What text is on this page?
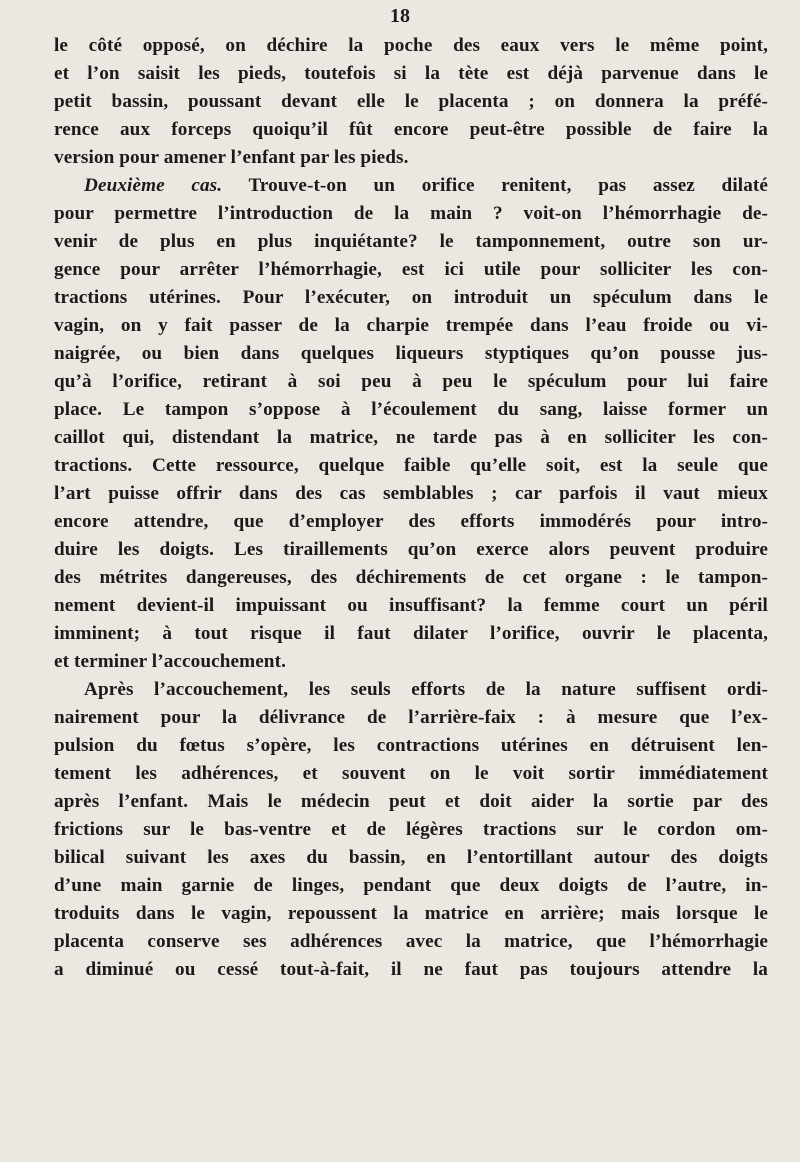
18
le côté opposé, on déchire la poche des eaux vers le même point,
et l’on saisit les pieds, toutefois si la tète est déjà parvenue dans le
petit bassin, poussant devant elle le placenta ; on donnera la préfé-
rence aux forceps quoiqu’il fût encore peut-être possible de faire la
version pour amener l’enfant par les pieds.
Deuxième cas. Trouve-t-on un orifice renitent, pas assez dilaté
pour permettre l’introduction de la main ? voit-on l’hémorrhagie de-
venir de plus en plus inquiétante? le tamponnement, outre son ur-
gence pour arrêter l’hémorrhagie, est ici utile pour solliciter les con-
tractions utérines. Pour l’exécuter, on introduit un spéculum dans le
vagin, on y fait passer de la charpie trempée dans l’eau froide ou vi-
naigrée, ou bien dans quelques liqueurs styptiques qu’on pousse jus-
qu’à l’orifice, retirant à soi peu à peu le spéculum pour lui faire
place. Le tampon s’oppose à l’écoulement du sang, laisse former un
caillot qui, distendant la matrice, ne tarde pas à en solliciter les con-
tractions. Cette ressource, quelque faible qu’elle soit, est la seule que
l’art puisse offrir dans des cas semblables ; car parfois il vaut mieux
encore attendre, que d’employer des efforts immodérés pour intro-
duire les doigts. Les tiraillements qu’on exerce alors peuvent produire
des métrites dangereuses, des déchirements de cet organe : le tampon-
nement devient-il impuissant ou insuffisant? la femme court un péril
imminent; à tout risque il faut dilater l’orifice, ouvrir le placenta,
et terminer l’accouchement.
Après l’accouchement, les seuls efforts de la nature suffisent ordi-
nairement pour la délivrance de l’arrière-faix : à mesure que l’ex-
pulsion du fœtus s’opère, les contractions utérines en détruisent len-
tement les adhérences, et souvent on le voit sortir immédiatement
après l’enfant. Mais le médecin peut et doit aider la sortie par des
frictions sur le bas-ventre et de légères tractions sur le cordon om-
bilical suivant les axes du bassin, en l’entortillant autour des doigts
d’une main garnie de linges, pendant que deux doigts de l’autre, in-
troduits dans le vagin, repoussent la matrice en arrière; mais lorsque le
placenta conserve ses adhérences avec la matrice, que l’hémorrhagie
a diminué ou cessé tout-à-fait, il ne faut pas toujours attendre la
